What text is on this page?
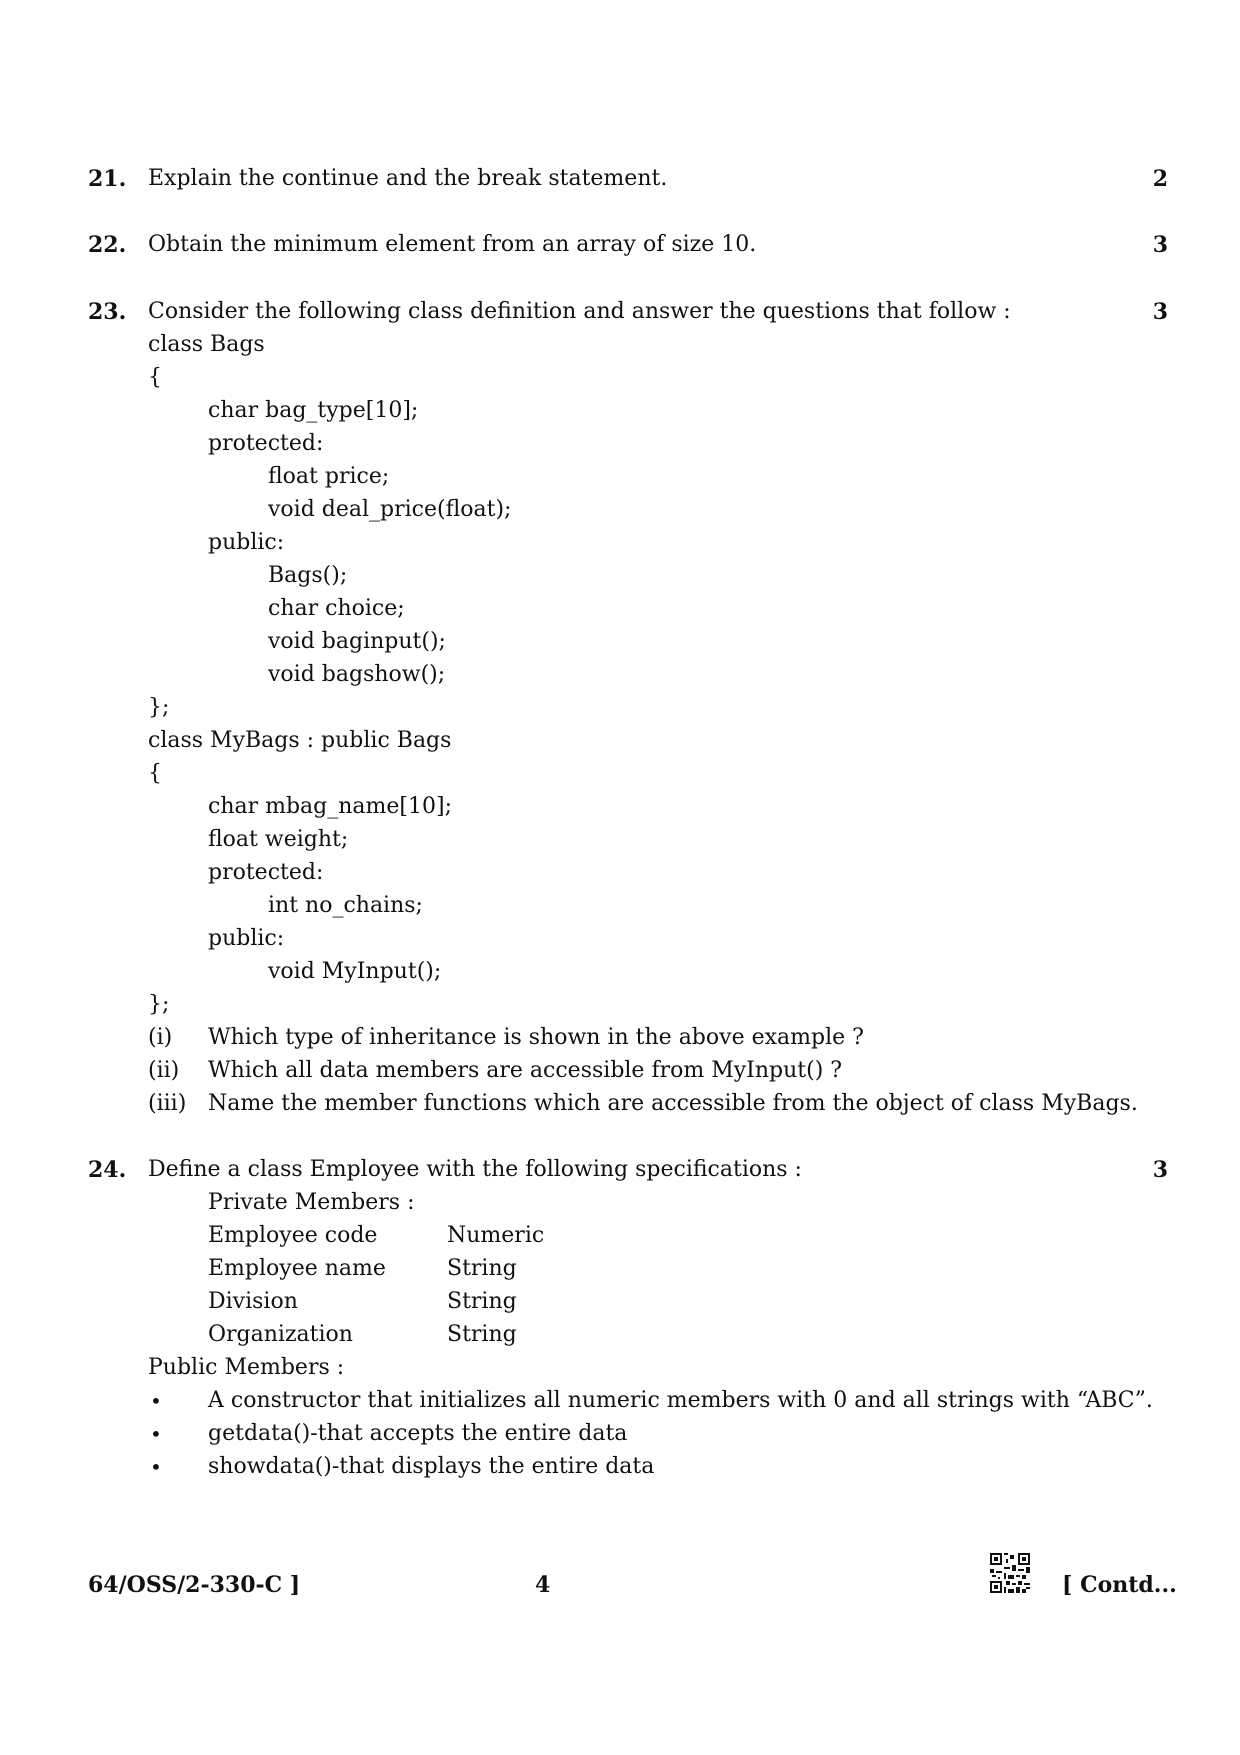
21. Explain the continue and the break statement.	2
22. Obtain the minimum element from an array of size 10.	3
23. Consider the following class definition and answer the questions that follow :	3
class Bags
{
char bag_type[10];
protected:
float price;
void deal_price(float);
public:
Bags();
char choice;
void baginput();
void bagshow();
};
class MyBags : public Bags
{
char mbag_name[10];
float weight;
protected:
int no_chains;
public:
void MyInput();
};
(i) Which type of inheritance is shown in the above example ?
(ii) Which all data members are accessible from MyInput() ?
(iii) Name the member functions which are accessible from the object of class MyBags.
24. Define a class Employee with the following specifications :	3
Private Members :
Employee code	Numeric
Employee name	String
Division	String
Organization	String
Public Members :
• A constructor that initializes all numeric members with 0 and all strings with “ABC”.
• getdata()-that accepts the entire data
• showdata()-that displays the entire data
64/OSS/2-330-C ]	4	[ Contd...
